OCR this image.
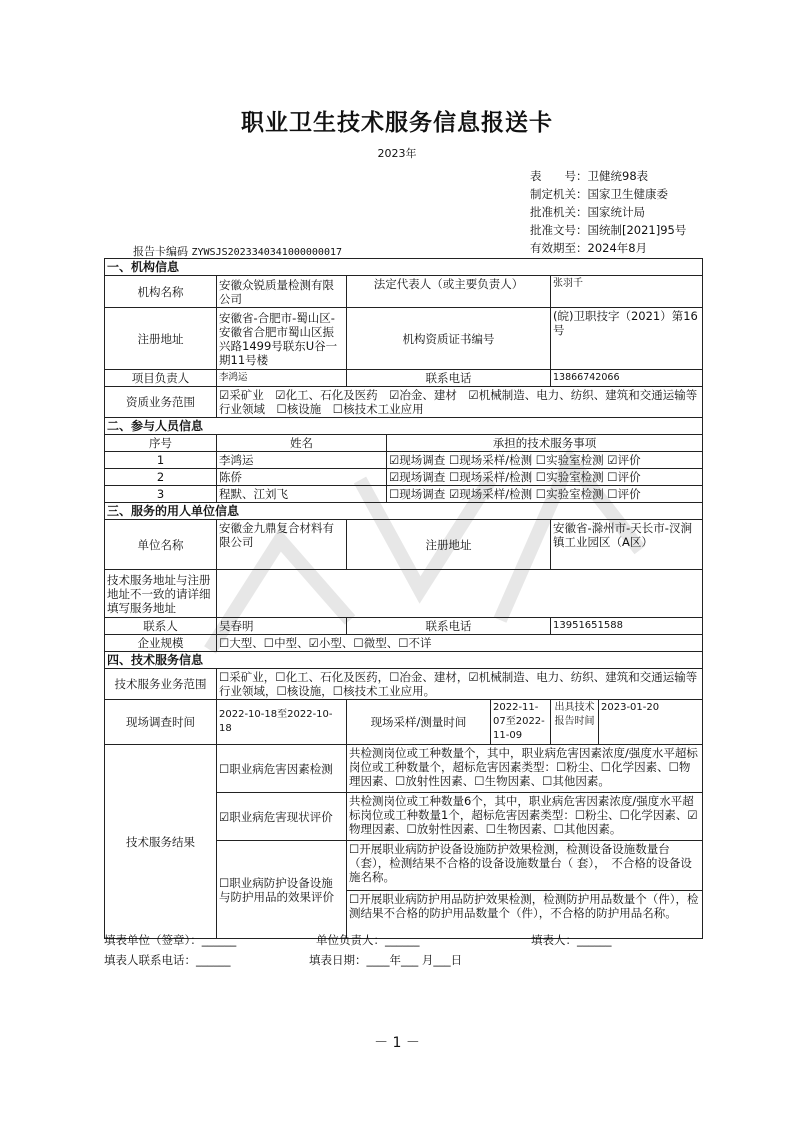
职业卫生技术服务信息报送卡
2023年
表　　号：卫健统98表
制定机关：国家卫生健康委
批准机关：国家统计局
批准文号：国统制[2021]95号
有效期至：2024年8月
报告卡编码 ZYWSJS2023340341000000017
一、机构信息						
机构名称	安徽众锐质量检测有限公司	法定代表人（或主要负责人）			张羽千	
注册地址	安徽省-合肥市-蜀山区-安徽省合肥市蜀山区振兴路1499号联东U谷一期11号楼	机构资质证书编号			(皖)卫职技字（2021）第16号	
项目负责人	李鸿运	联系电话			13866742066	
资质业务范围	☑采矿业　☑化工、石化及医药　☑冶金、建材　☑机械制造、电力、纺织、建筑和交通运输等行业领域　☐核设施　☐核技术工业应用					
二、参与人员信息						
序号	姓名		承担的技术服务事项			
1	李鸿运		☑现场调查 ☐现场采样/检测 ☐实验室检测 ☑评价			
2	陈侨		☑现场调查 ☐现场采样/检测 ☐实验室检测 ☐评价			
3	程默、江刘飞		☐现场调查 ☑现场采样/检测 ☐实验室检测 ☐评价			
三、服务的用人单位信息						
单位名称	安徽金九鼎复合材料有限公司	注册地址			安徽省-滁州市-天长市-汊涧镇工业园区（A区）	
技术服务地址与注册地址不一致的请详细填写服务地址						
联系人	吴春明	联系电话			13951651588	
企业规模	☐大型、☐中型、☑小型、☐微型、☐不详					
四、技术服务信息						
技术服务业务范围	☐采矿业，☐化工、石化及医药，☐冶金、建材，☑机械制造、电力、纺织、建筑和交通运输等行业领域，☐核设施，☐核技术工业应用。					
现场调查时间	2022-10-18至2022-10-18	现场采样/测量时间		2022-11-07至2022-11-09	出具技术报告时间	2023-01-20
技术服务结果	☐职业病危害因素检测	共检测岗位或工种数量个，其中，职业病危害因素浓度/强度水平超标岗位或工种数量个，超标危害因素类型：☐粉尘、☐化学因素、☐物理因素、☐放射性因素、☐生物因素、☐其他因素。				
	☑职业病危害现状评价	共检测岗位或工种数量6个，其中，职业病危害因素浓度/强度水平超标岗位或工种数量1个，超标危害因素类型：☐粉尘、☐化学因素、☑物理因素、☐放射性因素、☐生物因素、☐其他因素。				
	☐职业病防护设备设施与防护用品的效果评价	☐开展职业病防护设备设施防护效果检测，检测设备设施数量台（套），检测结果不合格的设备设施数量台（ 套），　不合格的设备设施名称。				
		☐开展职业病防护用品防护效果检测，检测防护用品数量个（件），检测结果不合格的防护用品数量个（件），不合格的防护用品名称。				
填表单位（签章）：______	单位负责人：______	填表人：______
填表人联系电话：______	填表日期：____年___ 月___日
－ 1 －
